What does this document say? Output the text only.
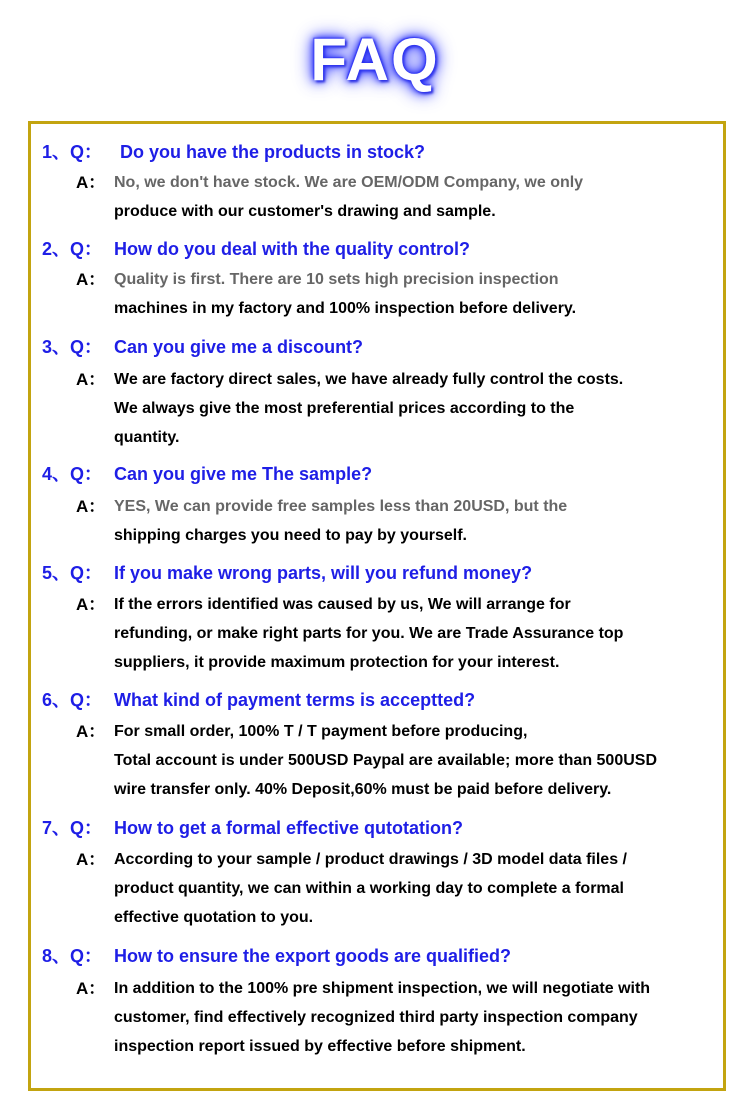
FAQ
1、Q： Do you have the products in stock?
A： No, we don't have stock. We are OEM/ODM Company, we only
produce with our customer's drawing and sample.
2、Q： How do you deal with the quality control?
A： Quality is first. There are 10 sets high precision inspection
machines in my factory and 100% inspection before delivery.
3、Q： Can you give me a discount?
A： We are factory direct sales, we have already fully control the costs.
We always give the most preferential prices according to the
quantity.
4、Q： Can you give me The sample?
A： YES, We can provide free samples less than 20USD, but the
shipping charges you need to pay by yourself.
5、Q： If you make wrong parts, will you refund money?
A： If the errors identified was caused by us, We will arrange for
refunding, or make right parts for you. We are Trade Assurance top
suppliers, it provide maximum protection for your interest.
6、Q： What kind of payment terms is acceptted?
A： For small order, 100% T / T payment before producing,
Total account is under 500USD Paypal are available; more than 500USD
wire transfer only. 40% Deposit,60% must be paid before delivery.
7、Q： How to get a formal effective qutotation?
A： According to your sample / product drawings / 3D model data files /
product quantity, we can within a working day to complete a formal
effective quotation to you.
8、Q： How to ensure the export goods are qualified?
A： In addition to the 100% pre shipment inspection, we will negotiate with
customer, find effectively recognized third party inspection company
inspection report issued by effective before shipment.
